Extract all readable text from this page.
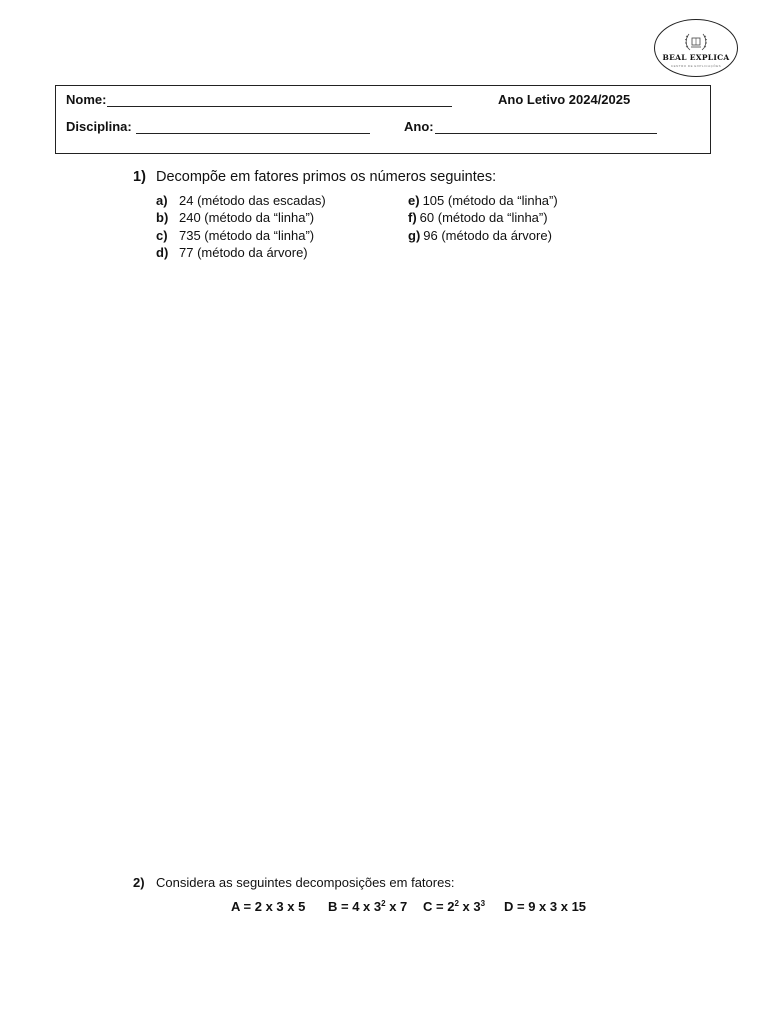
BEAL EXPLICA
CENTRO DE EXPLICAÇÕES
Nome:	Ano Letivo 2024/2025
Disciplina:	Ano:
1) Decompõe em fatores primos os números seguintes:
a) 24 (método das escadas)
b) 240 (método da “linha”)
c) 735 (método da “linha”)
d) 77 (método da árvore)
e) 105 (método da “linha”)
f) 60 (método da “linha”)
g) 96 (método da árvore)
2) Considera as seguintes decomposições em fatores:
A = 2 x 3 x 5 B = 4 x $3^2$ x 7 $C = 2^2$ x $3^3$ D = 9 x 3 x 15
